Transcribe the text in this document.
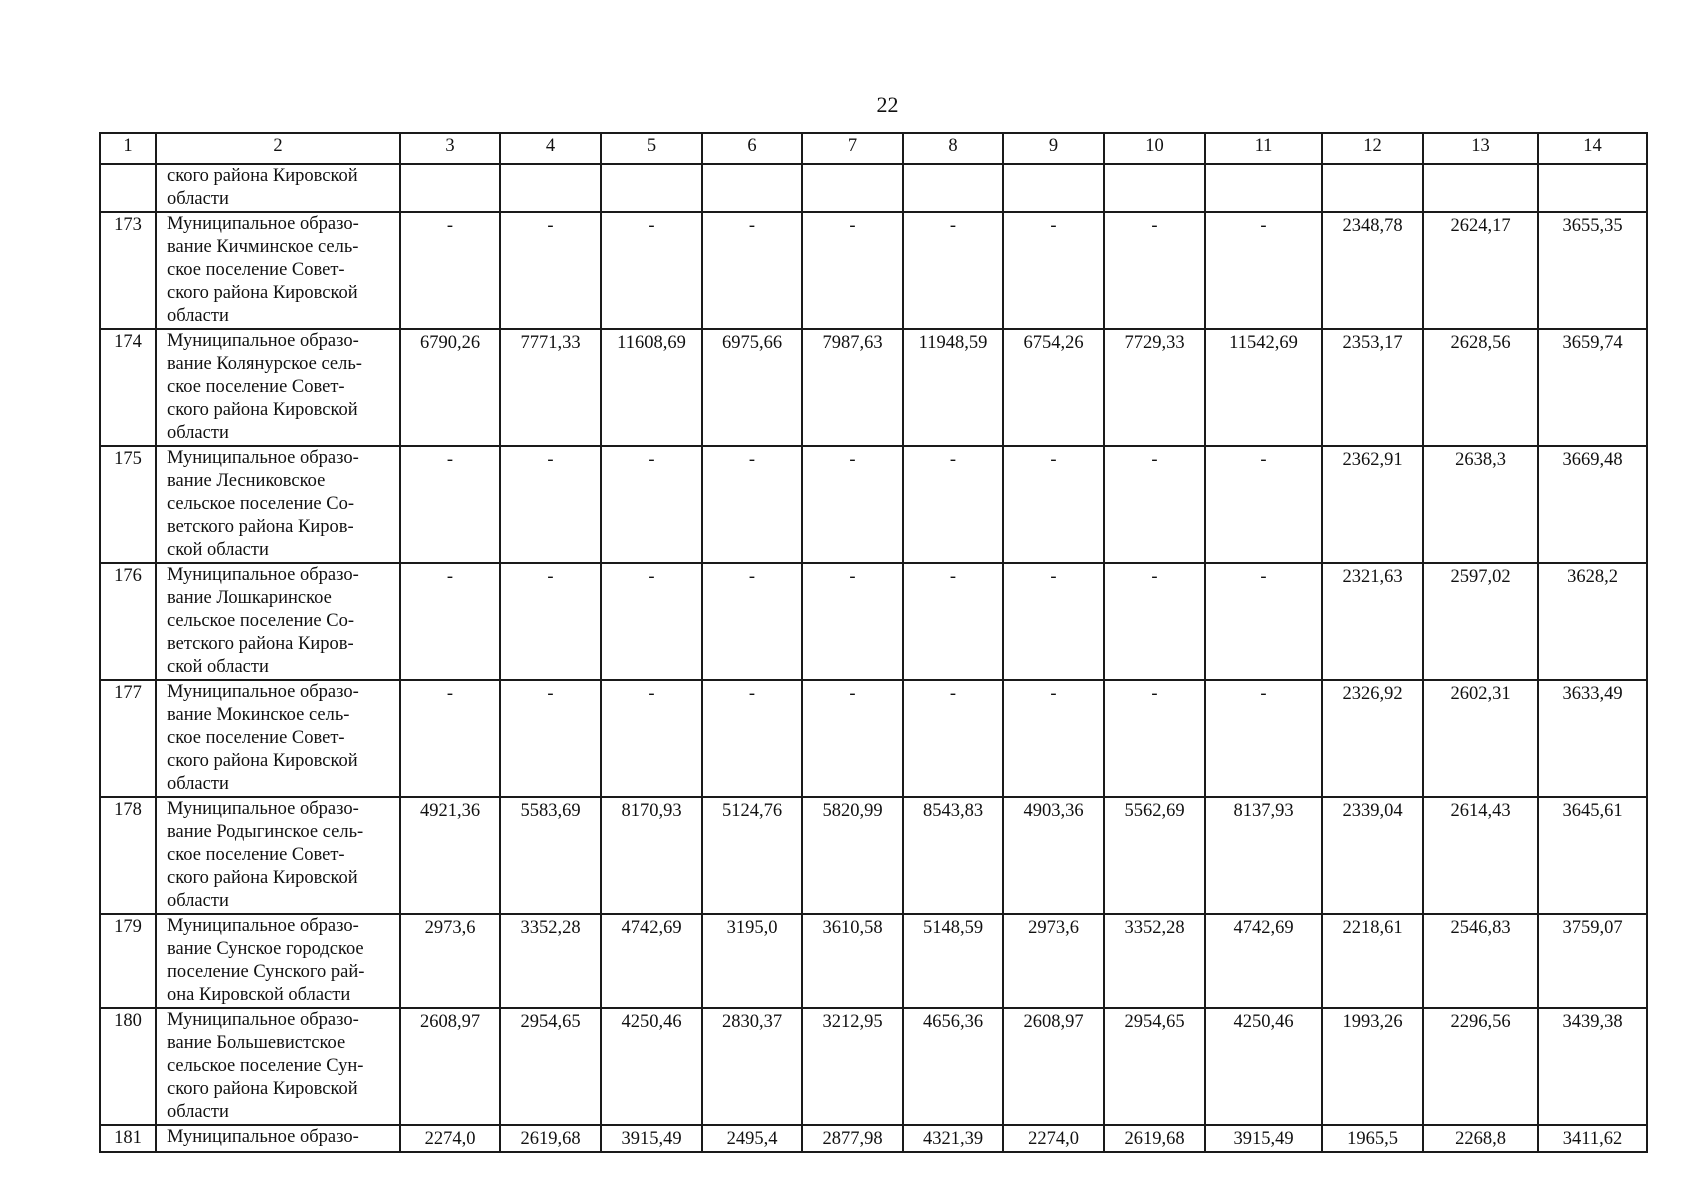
22
1	2	3	4	5	6	7	8	9	10	11	12	13	14

	ского района Кировской
области												

173	Муниципальное образо-
вание Кичминское сель-
ское поселение Совет-
ского района Кировской
области	-	-	-	-	-	-	-	-	-	2348,78	2624,17	3655,35
174	Муниципальное образо-
вание Колянурское сель-
ское поселение Совет-
ского района Кировской
области	6790,26	7771,33	11608,69	6975,66	7987,63	11948,59	6754,26	7729,33	11542,69	2353,17	2628,56	3659,74
175	Муниципальное образо-
вание Лесниковское
сельское поселение Со-
ветского района Киров-
ской области	-	-	-	-	-	-	-	-	-	2362,91	2638,3	3669,48
176	Муниципальное образо-
вание Лошкаринское
сельское поселение Со-
ветского района Киров-
ской области	-	-	-	-	-	-	-	-	-	2321,63	2597,02	3628,2
177	Муниципальное образо-
вание Мокинское сель-
ское поселение Совет-
ского района Кировской
области	-	-	-	-	-	-	-	-	-	2326,92	2602,31	3633,49
178	Муниципальное образо-
вание Родыгинское сель-
ское поселение Совет-
ского района Кировской
области	4921,36	5583,69	8170,93	5124,76	5820,99	8543,83	4903,36	5562,69	8137,93	2339,04	2614,43	3645,61
179	Муниципальное образо-
вание Сунское городское
поселение Сунского рай-
она Кировской области	2973,6	3352,28	4742,69	3195,0	3610,58	5148,59	2973,6	3352,28	4742,69	2218,61	2546,83	3759,07
180	Муниципальное образо-
вание Большевистское
сельское поселение Сун-
ского района Кировской
области	2608,97	2954,65	4250,46	2830,37	3212,95	4656,36	2608,97	2954,65	4250,46	1993,26	2296,56	3439,38
181	Муниципальное образо-	2274,0	2619,68	3915,49	2495,4	2877,98	4321,39	2274,0	2619,68	3915,49	1965,5	2268,8	3411,62
